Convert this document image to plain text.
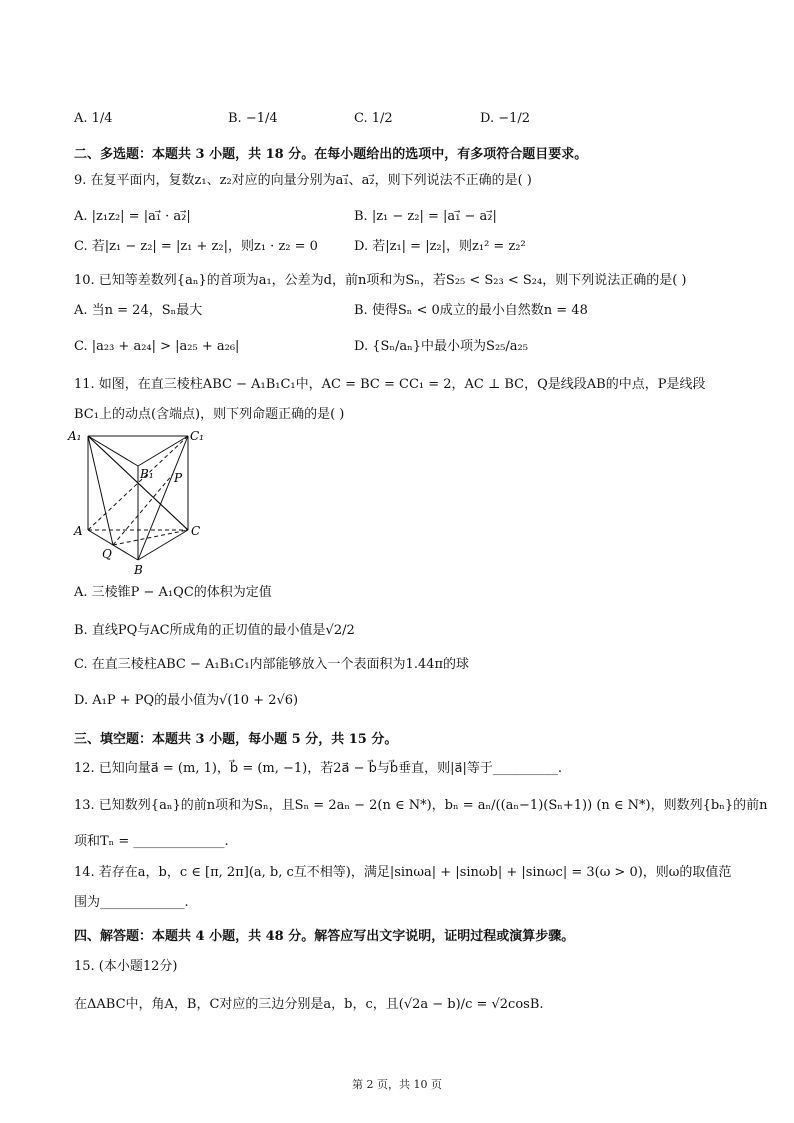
A. 1/4	B. −1/4	C. 1/2	D. −1/2
二、多选题：本题共 3 小题，共 18 分。在每小题给出的选项中，有多项符合题目要求。
9. 在复平面内，复数z₁、z₂对应的向量分别为a₁⃗、a₂⃗，则下列说法不正确的是( )
A. |z₁z₂| = |a₁⃗ · a₂⃗|	B. |z₁ − z₂| = |a₁⃗ − a₂⃗|
C. 若|z₁ − z₂| = |z₁ + z₂|，则z₁ · z₂ = 0	D. 若|z₁| = |z₂|，则z₁² = z₂²
10. 已知等差数列{aₙ}的首项为a₁，公差为d，前n项和为Sₙ，若S₂₅ < S₂₃ < S₂₄，则下列说法正确的是( )
A. 当n = 24，Sₙ最大	B. 使得Sₙ < 0成立的最小自然数n = 48
C. |a₂₃ + a₂₄| > |a₂₅ + a₂₆|	D. {Sₙ/aₙ}中最小项为S₂₅/a₂₅
11. 如图，在直三棱柱ABC − A₁B₁C₁中，AC = BC = CC₁ = 2，AC ⊥ BC，Q是线段AB的中点，P是线段
BC₁上的动点(含端点)，则下列命题正确的是( )
A₁	C₁
B₁ P
A	C
Q
B
A. 三棱锥P − A₁QC的体积为定值
B. 直线PQ与AC所成角的正切值的最小值是√2/2
C. 在直三棱柱ABC − A₁B₁C₁内部能够放入一个表面积为1.44π的球
D. A₁P + PQ的最小值为√(10 + 2√6)
三、填空题：本题共 3 小题，每小题 5 分，共 15 分。
12. 已知向量a⃗ = (m, 1)，b⃗ = (m, −1)，若2a⃗ − b⃗与b⃗垂直，则|a⃗|等于__________.
13. 已知数列{aₙ}的前n项和为Sₙ，且Sₙ = 2aₙ − 2(n ∈ N*)，bₙ = aₙ/((aₙ−1)(Sₙ+1)) (n ∈ N*)，则数列{bₙ}的前n
项和Tₙ = ______________.
14. 若存在a，b，c ∈ [π, 2π](a, b, c互不相等)，满足|sinωa| + |sinωb| + |sinωc| = 3(ω > 0)，则ω的取值范
围为_____________.
四、解答题：本题共 4 小题，共 48 分。解答应写出文字说明，证明过程或演算步骤。
15. (本小题12分)
在ΔABC中，角A，B，C对应的三边分别是a，b，c，且(√2a − b)/c = √2cosB.
第 2 页，共 10 页
